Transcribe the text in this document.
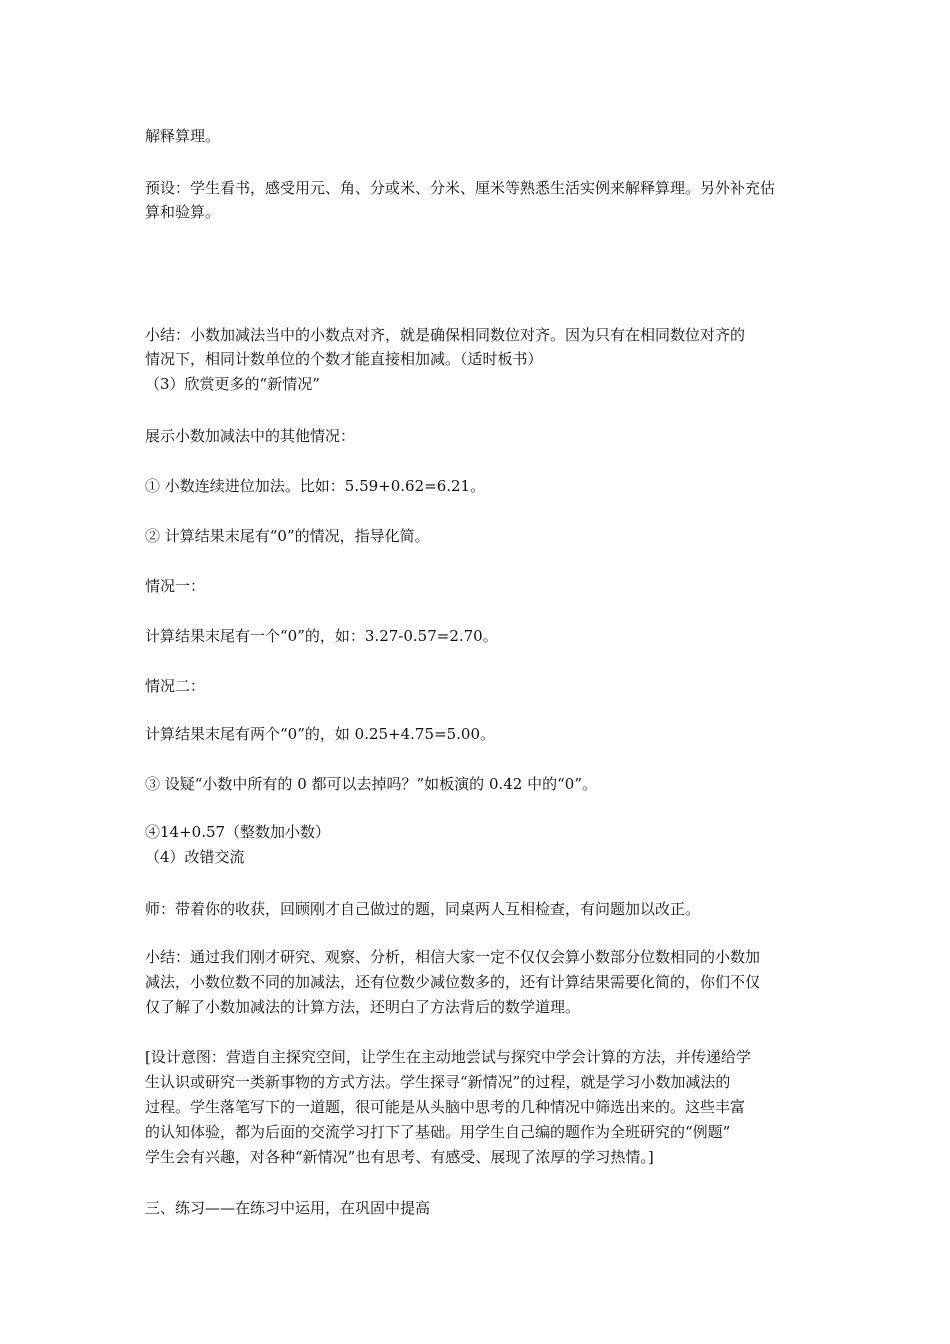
解释算理。
预设：学生看书，感受用元、角、分或米、分米、厘米等熟悉生活实例来解释算理。另外补充估
算和验算。
小结：小数加减法当中的小数点对齐，就是确保相同数位对齐。因为只有在相同数位对齐的
情况下，相同计数单位的个数才能直接相加减。（适时板书）
（3）欣赏更多的“新情况”
展示小数加减法中的其他情况：
① 小数连续进位加法。比如：5.59+0.62=6.21。
② 计算结果末尾有“0”的情况，指导化简。
情况一：
计算结果末尾有一个“0”的，如：3.27-0.57=2.70。
情况二：
计算结果末尾有两个“0”的，如 0.25+4.75=5.00。
③ 设疑“小数中所有的 0 都可以去掉吗？”如板演的 0.42 中的“0”。
④14+0.57（整数加小数）
（4）改错交流
师：带着你的收获，回顾刚才自己做过的题，同桌两人互相检查，有问题加以改正。
小结：通过我们刚才研究、观察、分析，相信大家一定不仅仅会算小数部分位数相同的小数加
减法，小数位数不同的加减法，还有位数少减位数多的，还有计算结果需要化简的，你们不仅
仅了解了小数加减法的计算方法，还明白了方法背后的数学道理。
[设计意图：营造自主探究空间，让学生在主动地尝试与探究中学会计算的方法，并传递给学
生认识或研究一类新事物的方式方法。学生探寻“新情况”的过程，就是学习小数加减法的
过程。学生落笔写下的一道题，很可能是从头脑中思考的几种情况中筛选出来的。这些丰富
的认知体验，都为后面的交流学习打下了基础。用学生自己编的题作为全班研究的“例题”
学生会有兴趣，对各种“新情况”也有思考、有感受、展现了浓厚的学习热情。]
三、练习——在练习中运用，在巩固中提高
